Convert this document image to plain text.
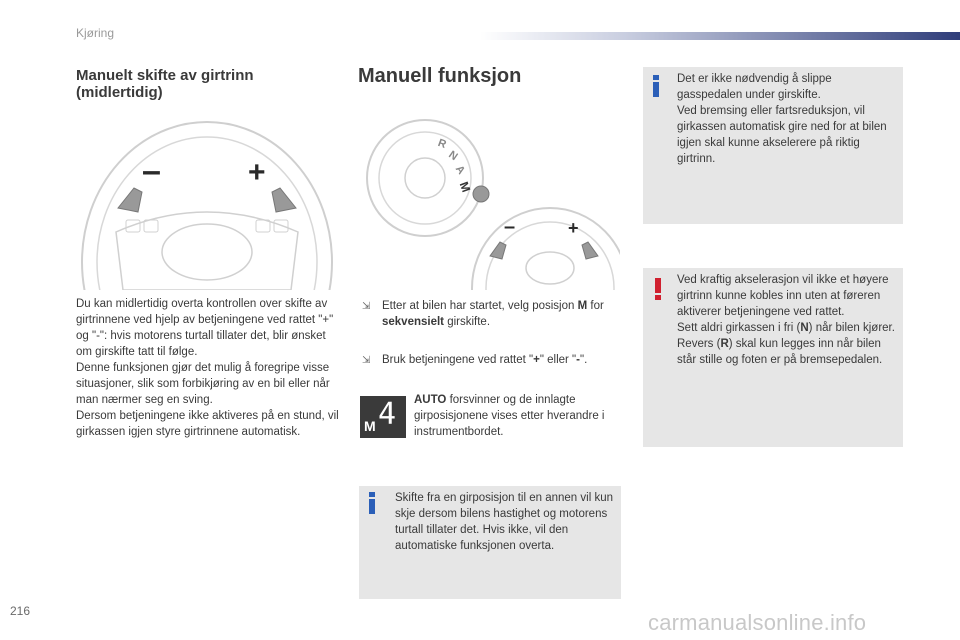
Kjøring
Manuelt skifte av girtrinn (midlertidig)
–	+

Du kan midlertidig overta kontrollen over skifte av girtrinnene ved hjelp av betjeningene ved rattet "+" og "-": hvis motorens turtall tillater det, blir ønsket om girskifte tatt til følge.

Denne funksjonen gjør det mulig å foregripe visse situasjoner, slik som forbikjøring av en bil eller når man nærmer seg en sving.

Dersom betjeningene ikke aktiveres på en stund, vil girkassen igjen styre girtrinnene automatisk.

Manuell funksjon
R
N
A
M
–	+
⇲ Etter at bilen har startet, velg posisjon M for sekvensielt girskifte.
⇲ Bruk betjeningene ved rattet "+" eller "-".
4
M
AUTO forsvinner og de innlagte girposisjonene vises etter hverandre i instrumentbordet.
Skifte fra en girposisjon til en annen vil kun skje dersom bilens hastighet og motorens turtall tillater det. Hvis ikke, vil den automatiske funksjonen overta.

Det er ikke nødvendig å slippe gasspedalen under girskifte.

Ved bremsing eller fartsreduksjon, vil girkassen automatisk gire ned for at bilen igjen skal kunne akselerere på riktig girtrinn.

Ved kraftig akselerasjon vil ikke et høyere girtrinn kunne kobles inn uten at føreren aktiverer betjeningene ved rattet.

Sett aldri girkassen i fri (N) når bilen kjører.

Revers (R) skal kun legges inn når bilen står stille og foten er på bremsepedalen.

216	carmanualsonline.info
